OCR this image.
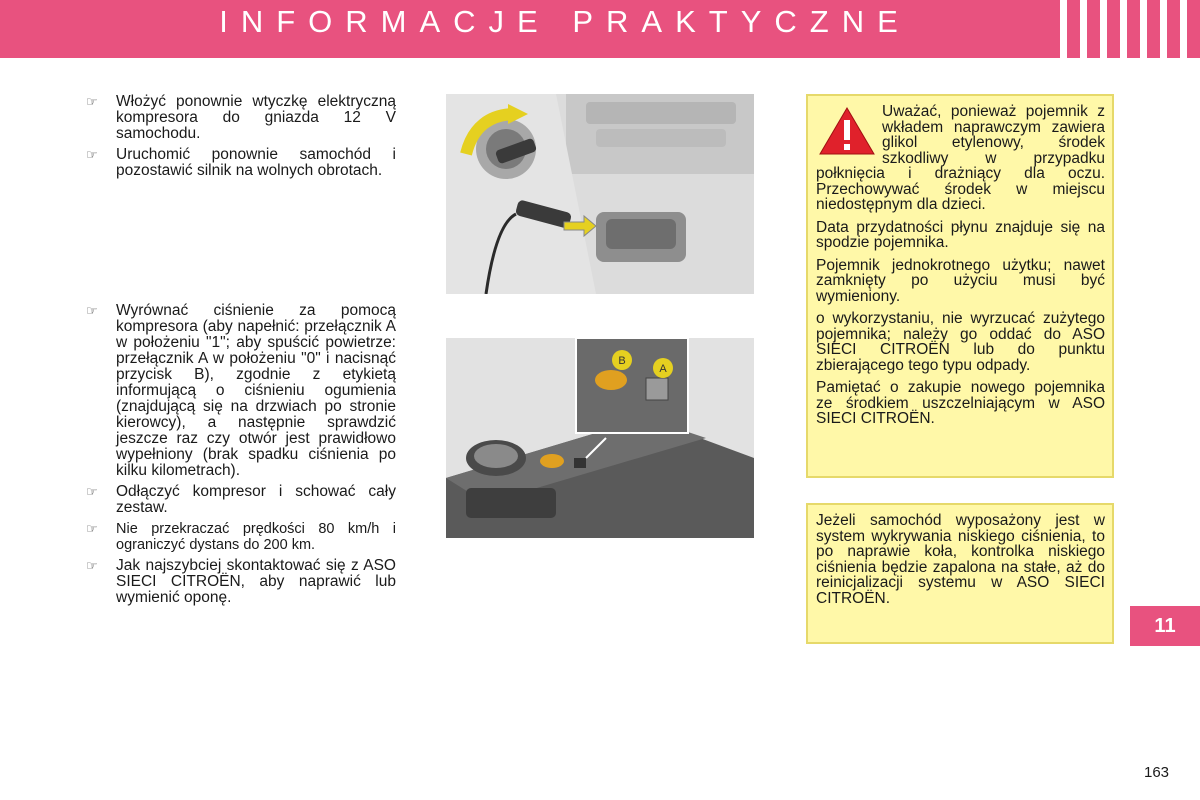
INFORMACJE PRAKTYCZNE
☞ Włożyć ponownie wtyczkę elektryczną kompresora do gniazda 12 V samochodu.
☞ Uruchomić ponownie samochód i pozostawić silnik na wolnych obrotach.
☞ Wyrównać ciśnienie za pomocą kompresora (aby napełnić: przełącznik A w położeniu "1"; aby spuścić powietrze: przełącznik A w położeniu "0" i nacisnąć przycisk B), zgodnie z etykietą informującą o ciśnieniu ogumienia (znajdującą się na drzwiach po stronie kierowcy), a następnie sprawdzić jeszcze raz czy otwór jest prawidłowo wypełniony (brak spadku ciśnienia po kilku kilometrach).
☞ Odłączyć kompresor i schować cały zestaw.
☞ Nie przekraczać prędkości 80 km/h i ograniczyć dystans do 200 km.
☞ Jak najszybciej skontaktować się z ASO SIECI CITROËN, aby naprawić lub wymienić oponę.
B
A

Uważać, ponieważ pojemnik z wkładem naprawczym zawiera glikol etylenowy, środek szkodliwy w przypadku połknięcia i drażniący dla oczu. Przechowywać środek w miejscu niedostępnym dla dzieci.

Data przydatności płynu znajduje się na spodzie pojemnika.

Pojemnik jednokrotnego użytku; nawet zamknięty po użyciu musi być wymieniony.

o wykorzystaniu, nie wyrzucać zużytego pojemnika; należy go oddać do ASO SIECI CITROËN lub do punktu zbierającego tego typu odpady.

Pamiętać o zakupie nowego pojemnika ze środkiem uszczelniającym w ASO SIECI CITROËN.

Jeżeli samochód wyposażony jest w system wykrywania niskiego ciśnienia, to po naprawie koła, kontrolka niskiego ciśnienia będzie zapalona na stałe, aż do reinicjalizacji systemu w ASO SIECI CITROËN.

11
163
